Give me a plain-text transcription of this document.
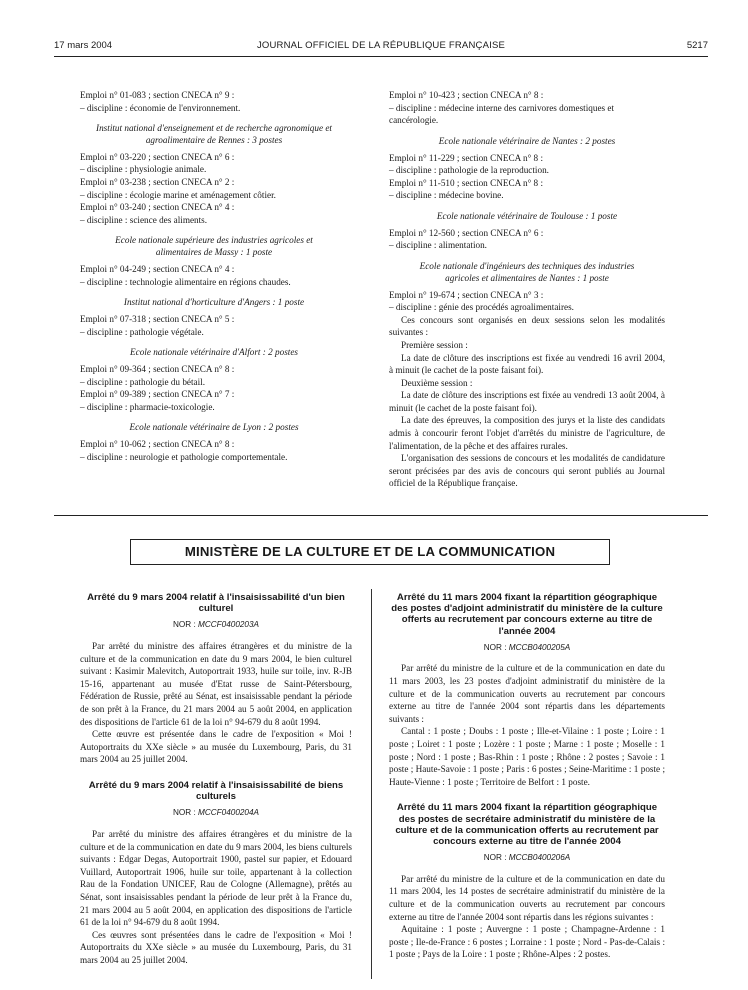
17 mars 2004	JOURNAL OFFICIEL DE LA RÉPUBLIQUE FRANÇAISE	5217

Emploi n° 01-083 ; section CNECA n° 9 :

– discipline : économie de l'environnement.

Institut national d'enseignement et de recherche agronomique et agroalimentaire de Rennes : 3 postes

Emploi n° 03-220 ; section CNECA n° 6 :

– discipline : physiologie animale.

Emploi n° 03-238 ; section CNECA n° 2 :

– discipline : écologie marine et aménagement côtier.

Emploi n° 03-240 ; section CNECA n° 4 :

– discipline : science des aliments.

Ecole nationale supérieure des industries agricoles et alimentaires de Massy : 1 poste

Emploi n° 04-249 ; section CNECA n° 4 :

– discipline : technologie alimentaire en régions chaudes.

Institut national d'horticulture d'Angers : 1 poste

Emploi n° 07-318 ; section CNECA n° 5 :

– discipline : pathologie végétale.

Ecole nationale vétérinaire d'Alfort : 2 postes

Emploi n° 09-364 ; section CNECA n° 8 :

– discipline : pathologie du bétail.

Emploi n° 09-389 ; section CNECA n° 7 :

– discipline : pharmacie-toxicologie.

Ecole nationale vétérinaire de Lyon : 2 postes

Emploi n° 10-062 ; section CNECA n° 8 :

– discipline : neurologie et pathologie comportementale.

Emploi n° 10-423 ; section CNECA n° 8 :

– discipline : médecine interne des carnivores domestiques et cancérologie.

Ecole nationale vétérinaire de Nantes : 2 postes

Emploi n° 11-229 ; section CNECA n° 8 :

– discipline : pathologie de la reproduction.

Emploi n° 11-510 ; section CNECA n° 8 :

– discipline : médecine bovine.

Ecole nationale vétérinaire de Toulouse : 1 poste

Emploi n° 12-560 ; section CNECA n° 6 :

– discipline : alimentation.

Ecole nationale d'ingénieurs des techniques des industries agricoles et alimentaires de Nantes : 1 poste

Emploi n° 19-674 ; section CNECA n° 3 :

– discipline : génie des procédés agroalimentaires.

Ces concours sont organisés en deux sessions selon les modalités suivantes :

Première session :

La date de clôture des inscriptions est fixée au vendredi 16 avril 2004, à minuit (le cachet de la poste faisant foi).

Deuxième session :

La date de clôture des inscriptions est fixée au vendredi 13 août 2004, à minuit (le cachet de la poste faisant foi).

La date des épreuves, la composition des jurys et la liste des candidats admis à concourir feront l'objet d'arrêtés du ministre de l'agriculture, de l'alimentation, de la pêche et des affaires rurales.

L'organisation des sessions de concours et les modalités de candidature seront précisées par des avis de concours qui seront publiés au Journal officiel de la République française.

MINISTÈRE DE LA CULTURE ET DE LA COMMUNICATION
Arrêté du 9 mars 2004 relatif à l'insaisissabilité d'un bien culturel
NOR : MCCF0400203A

Par arrêté du ministre des affaires étrangères et du ministre de la culture et de la communication en date du 9 mars 2004, le bien culturel suivant : Kasimir Malevitch, Autoportrait 1933, huile sur toile, inv. R-JB 15-16, appartenant au musée d'Etat russe de Saint-Pétersbourg, Fédération de Russie, prêté au Sénat, est insaisissable pendant la période de son prêt à la France, du 21 mars 2004 au 5 août 2004, en application des dispositions de l'article 61 de la loi n° 94-679 du 8 août 1994.

Cette œuvre est présentée dans le cadre de l'exposition « Moi ! Autoportraits du XXe siècle » au musée du Luxembourg, Paris, du 31 mars 2004 au 25 juillet 2004.

Arrêté du 9 mars 2004 relatif à l'insaisissabilité de biens culturels
NOR : MCCF0400204A

Par arrêté du ministre des affaires étrangères et du ministre de la culture et de la communication en date du 9 mars 2004, les biens culturels suivants : Edgar Degas, Autoportrait 1900, pastel sur papier, et Edouard Vuillard, Autoportrait 1906, huile sur toile, appartenant à la collection Rau de la Fondation UNICEF, Rau de Cologne (Allemagne), prêtés au Sénat, sont insaisissables pendant la période de leur prêt à la France du, 21 mars 2004 au 5 août 2004, en application des dispositions de l'article 61 de la loi n° 94-679 du 8 août 1994.

Ces œuvres sont présentées dans le cadre de l'exposition « Moi ! Autoportraits du XXe siècle » au musée du Luxembourg, Paris, du 31 mars 2004 au 25 juillet 2004.

Arrêté du 11 mars 2004 fixant la répartition géographique des postes d'adjoint administratif du ministère de la culture offerts au recrutement par concours externe au titre de l'année 2004
NOR : MCCB0400205A

Par arrêté du ministre de la culture et de la communication en date du 11 mars 2003, les 23 postes d'adjoint administratif du ministère de la culture et de la communication ouverts au recrutement par concours externe au titre de l'année 2004 sont répartis dans les départements suivants :

Cantal : 1 poste ; Doubs : 1 poste ; Ille-et-Vilaine : 1 poste ; Loire : 1 poste ; Loiret : 1 poste ; Lozère : 1 poste ; Marne : 1 poste ; Moselle : 1 poste ; Nord : 1 poste ; Bas-Rhin : 1 poste ; Rhône : 2 postes ; Savoie : 1 poste ; Haute-Savoie : 1 poste ; Paris : 6 postes ; Seine-Maritime : 1 poste ; Haute-Vienne : 1 poste ; Territoire de Belfort : 1 poste.

Arrêté du 11 mars 2004 fixant la répartition géographique des postes de secrétaire administratif du ministère de la culture et de la communication offerts au recrutement par concours externe au titre de l'année 2004
NOR : MCCB0400206A

Par arrêté du ministre de la culture et de la communication en date du 11 mars 2004, les 14 postes de secrétaire administratif du ministère de la culture et de la communication ouverts au recrutement par concours externe au titre de l'année 2004 sont répartis dans les régions suivantes :

Aquitaine : 1 poste ; Auvergne : 1 poste ; Champagne-Ardenne : 1 poste ; Ile-de-France : 6 postes ; Lorraine : 1 poste ; Nord - Pas-de-Calais : 1 poste ; Pays de la Loire : 1 poste ; Rhône-Alpes : 2 postes.
